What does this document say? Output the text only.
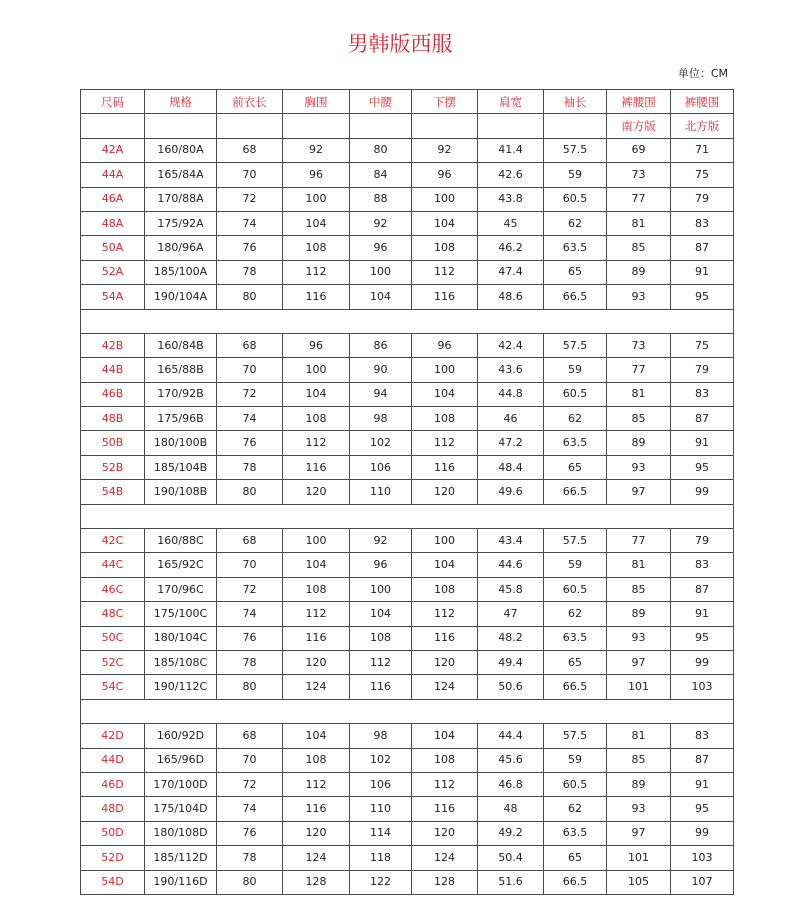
男韩版西服
单位：CM
尺码	规格	前衣长	胸围	中腰	下摆	肩宽	袖长	裤腰围	裤腰围
								南方版	北方版
42A	160/80A	68	92	80	92	41.4	57.5	69	71
44A	165/84A	70	96	84	96	42.6	59	73	75
46A	170/88A	72	100	88	100	43.8	60.5	77	79
48A	175/92A	74	104	92	104	45	62	81	83
50A	180/96A	76	108	96	108	46.2	63.5	85	87
52A	185/100A	78	112	100	112	47.4	65	89	91
54A	190/104A	80	116	104	116	48.6	66.5	93	95

42B	160/84B	68	96	86	96	42.4	57.5	73	75
44B	165/88B	70	100	90	100	43.6	59	77	79
46B	170/92B	72	104	94	104	44.8	60.5	81	83
48B	175/96B	74	108	98	108	46	62	85	87
50B	180/100B	76	112	102	112	47.2	63.5	89	91
52B	185/104B	78	116	106	116	48.4	65	93	95
54B	190/108B	80	120	110	120	49.6	66.5	97	99

42C	160/88C	68	100	92	100	43.4	57.5	77	79
44C	165/92C	70	104	96	104	44.6	59	81	83
46C	170/96C	72	108	100	108	45.8	60.5	85	87
48C	175/100C	74	112	104	112	47	62	89	91
50C	180/104C	76	116	108	116	48.2	63.5	93	95
52C	185/108C	78	120	112	120	49.4	65	97	99
54C	190/112C	80	124	116	124	50.6	66.5	101	103

42D	160/92D	68	104	98	104	44.4	57.5	81	83
44D	165/96D	70	108	102	108	45.6	59	85	87
46D	170/100D	72	112	106	112	46.8	60.5	89	91
48D	175/104D	74	116	110	116	48	62	93	95
50D	180/108D	76	120	114	120	49.2	63.5	97	99
52D	185/112D	78	124	118	124	50.4	65	101	103
54D	190/116D	80	128	122	128	51.6	66.5	105	107
